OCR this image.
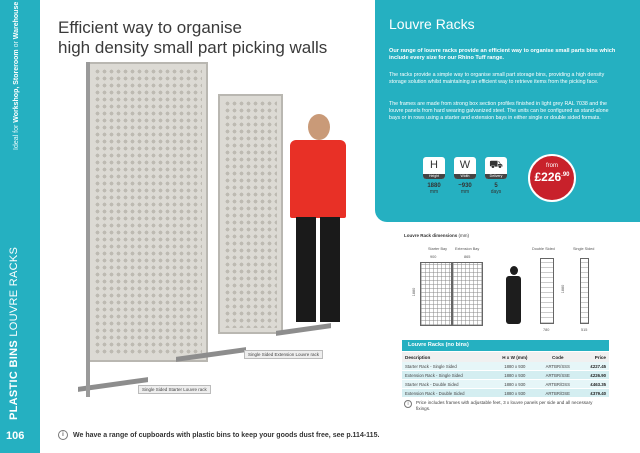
Ideal for Workshop, Storeroom or Warehouse
PLASTIC BINS LOUVRE RACKS
106
Efficient way to organise
high density small part picking walls
Single Sided Extension Louvre rack
Single Sided Starter Louvre rack
Louvre Racks
Our range of louvre racks provide an efficient way to organise small parts bins which include every size for our Rhino Tuff range.
The racks provide a simple way to organise small part storage bins, providing a high density storage solution whilst maintaining an efficient way to retrieve items from the picking face.
The frames are made from strong box section profiles finished in light grey RAL 7038 and the louvre panels from hard wearing galvanized steel. The units can be configured as stand-alone bays or in rows using a starter and extension bays in either single or double sided formats.
H
Height
1880
mm
W
Width
~930
mm
⛟
Delivery
5
days
from
$£226^{.90}$
Louvre Rack dimensions (mm)
Starter Bay Extension Bay
900	865
1880
Double Sided	Single Sided
780	515
1880
Louvre Racks (no bins)
Description	H x W (mm)	Code	Price
Starter Rack - Single Sided	1880 x 930	ARTBR/SSS	£227.45
Extension Rack - Single Sided	1880 x 930	ARTBR/SSE	£226.90
Starter Rack - Double Sided	1880 x 930	ARTBR/DSS	£463.35
Extension Rack - Double Sided	1880 x 930	ARTBR/DSE	£379.40
i	Price includes frames with adjustable feet, 3 x louvre panels per side and all necessary fixings.
i	We have a range of cupboards with plastic bins to keep your goods dust free, see p.114-115.
